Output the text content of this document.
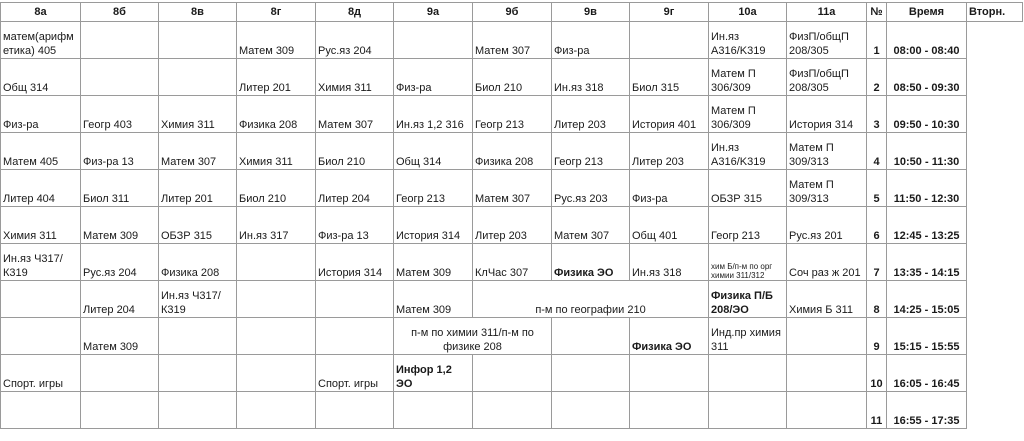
8а	8б	8в	8г	8д	9а	9б	9в	9г	10а	11а	№	Время	Вторн.
матем(арифметика) 405			Матем 309	Рус.яз 204		Матем 307	Физ-ра		Ин.яз A316/K319	ФизП/общП 208/305	1	08:00 - 08:40	
Общ 314			Литер 201	Химия 311	Физ-ра	Биол 210	Ин.яз 318	Биол 315	Матем П 306/309	ФизП/общП 208/305	2	08:50 - 09:30	
Физ-ра	Геогр 403	Химия 311	Физика 208	Матем 307	Ин.яз 1,2 316	Геогр 213	Литер 203	История 401	Матем П 306/309	История 314	3	09:50 - 10:30	
Матем 405	Физ-ра 13	Матем 307	Химия 311	Биол 210	Общ 314	Физика 208	Геогр 213	Литер 203	Ин.яз A316/K319	Матем П 309/313	4	10:50 - 11:30	
Литер 404	Биол 311	Литер 201	Биол 210	Литер 204	Геогр 213	Матем 307	Рус.яз 203	Физ-ра	ОБЗР 315	Матем П 309/313	5	11:50 - 12:30	
Химия 311	Матем 309	ОБЗР 315	Ин.яз 317	Физ-ра 13	История 314	Литер 203	Матем 307	Общ 401	Геогр 213	Рус.яз 201	6	12:45 - 13:25	
Ин.яз Ч317/К319	Рус.яз 204	Физика 208		История 314	Матем 309	КлЧас 307	Физика ЭО	Ин.яз 318	хим Б/п-м по орг химии 311/312	Соч раз ж 201	7	13:35 - 14:15	
	Литер 204	Ин.яз Ч317/К319			Матем 309	п-м по географии 210			Физика П/Б 208/ЭО	Химия Б 311	8	14:25 - 15:05	
	Матем 309				п-м по химии 311/п-м по физике 208			Физика ЭО	Инд.пр химия 311		9	15:15 - 15:55	
Спорт. игры				Спорт. игры	Инфор 1,2 ЭО						10	16:05 - 16:45	
											11	16:55 - 17:35	
